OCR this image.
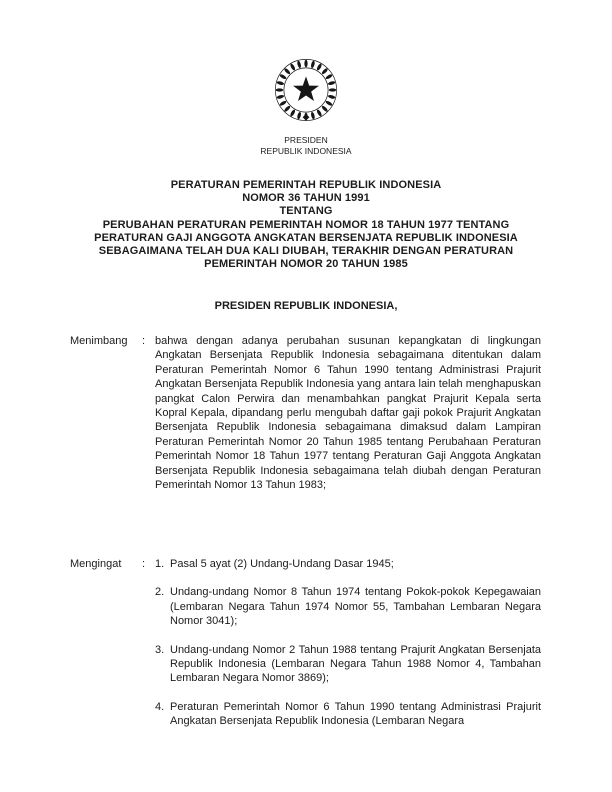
PRESIDEN
REPUBLIK INDONESIA
PERATURAN PEMERINTAH REPUBLIK INDONESIA
NOMOR 36 TAHUN 1991
TENTANG
PERUBAHAN PERATURAN PEMERINTAH NOMOR 18 TAHUN 1977 TENTANG
PERATURAN GAJI ANGGOTA ANGKATAN BERSENJATA REPUBLIK INDONESIA
SEBAGAIMANA TELAH DUA KALI DIUBAH, TERAKHIR DENGAN PERATURAN
PEMERINTAH NOMOR 20 TAHUN 1985
PRESIDEN REPUBLIK INDONESIA,
Menimbang	: bahwa dengan adanya perubahan susunan kepangkatan di lingkungan Angkatan Bersenjata Republik Indonesia sebagaimana ditentukan dalam Peraturan Pemerintah Nomor 6 Tahun 1990 tentang Administrasi Prajurit Angkatan Bersenjata Republik Indonesia yang antara lain telah menghapuskan pangkat Calon Perwira dan menambahkan pangkat Prajurit Kepala serta Kopral Kepala, dipandang perlu mengubah daftar gaji pokok Prajurit Angkatan Bersenjata Republik Indonesia sebagaimana dimaksud dalam Lampiran Peraturan Pemerintah Nomor 20 Tahun 1985 tentang Perubahaan Peraturan Pemerintah Nomor 18 Tahun 1977 tentang Peraturan Gaji Anggota Angkatan Bersenjata Republik Indonesia sebagaimana telah diubah dengan Peraturan Pemerintah Nomor 13 Tahun 1983;
Mengingat	: 1. Pasal 5 ayat (2) Undang-Undang Dasar 1945;
2. Undang-undang Nomor 8 Tahun 1974 tentang Pokok-pokok Kepegawaian (Lembaran Negara Tahun 1974 Nomor 55, Tambahan Lembaran Negara Nomor 3041);
3. Undang-undang Nomor 2 Tahun 1988 tentang Prajurit Angkatan Bersenjata Republik Indonesia (Lembaran Negara Tahun 1988 Nomor 4, Tambahan Lembaran Negara Nomor 3869);
4. Peraturan Pemerintah Nomor 6 Tahun 1990 tentang Administrasi Prajurit Angkatan Bersenjata Republik Indonesia (Lembaran Negara
